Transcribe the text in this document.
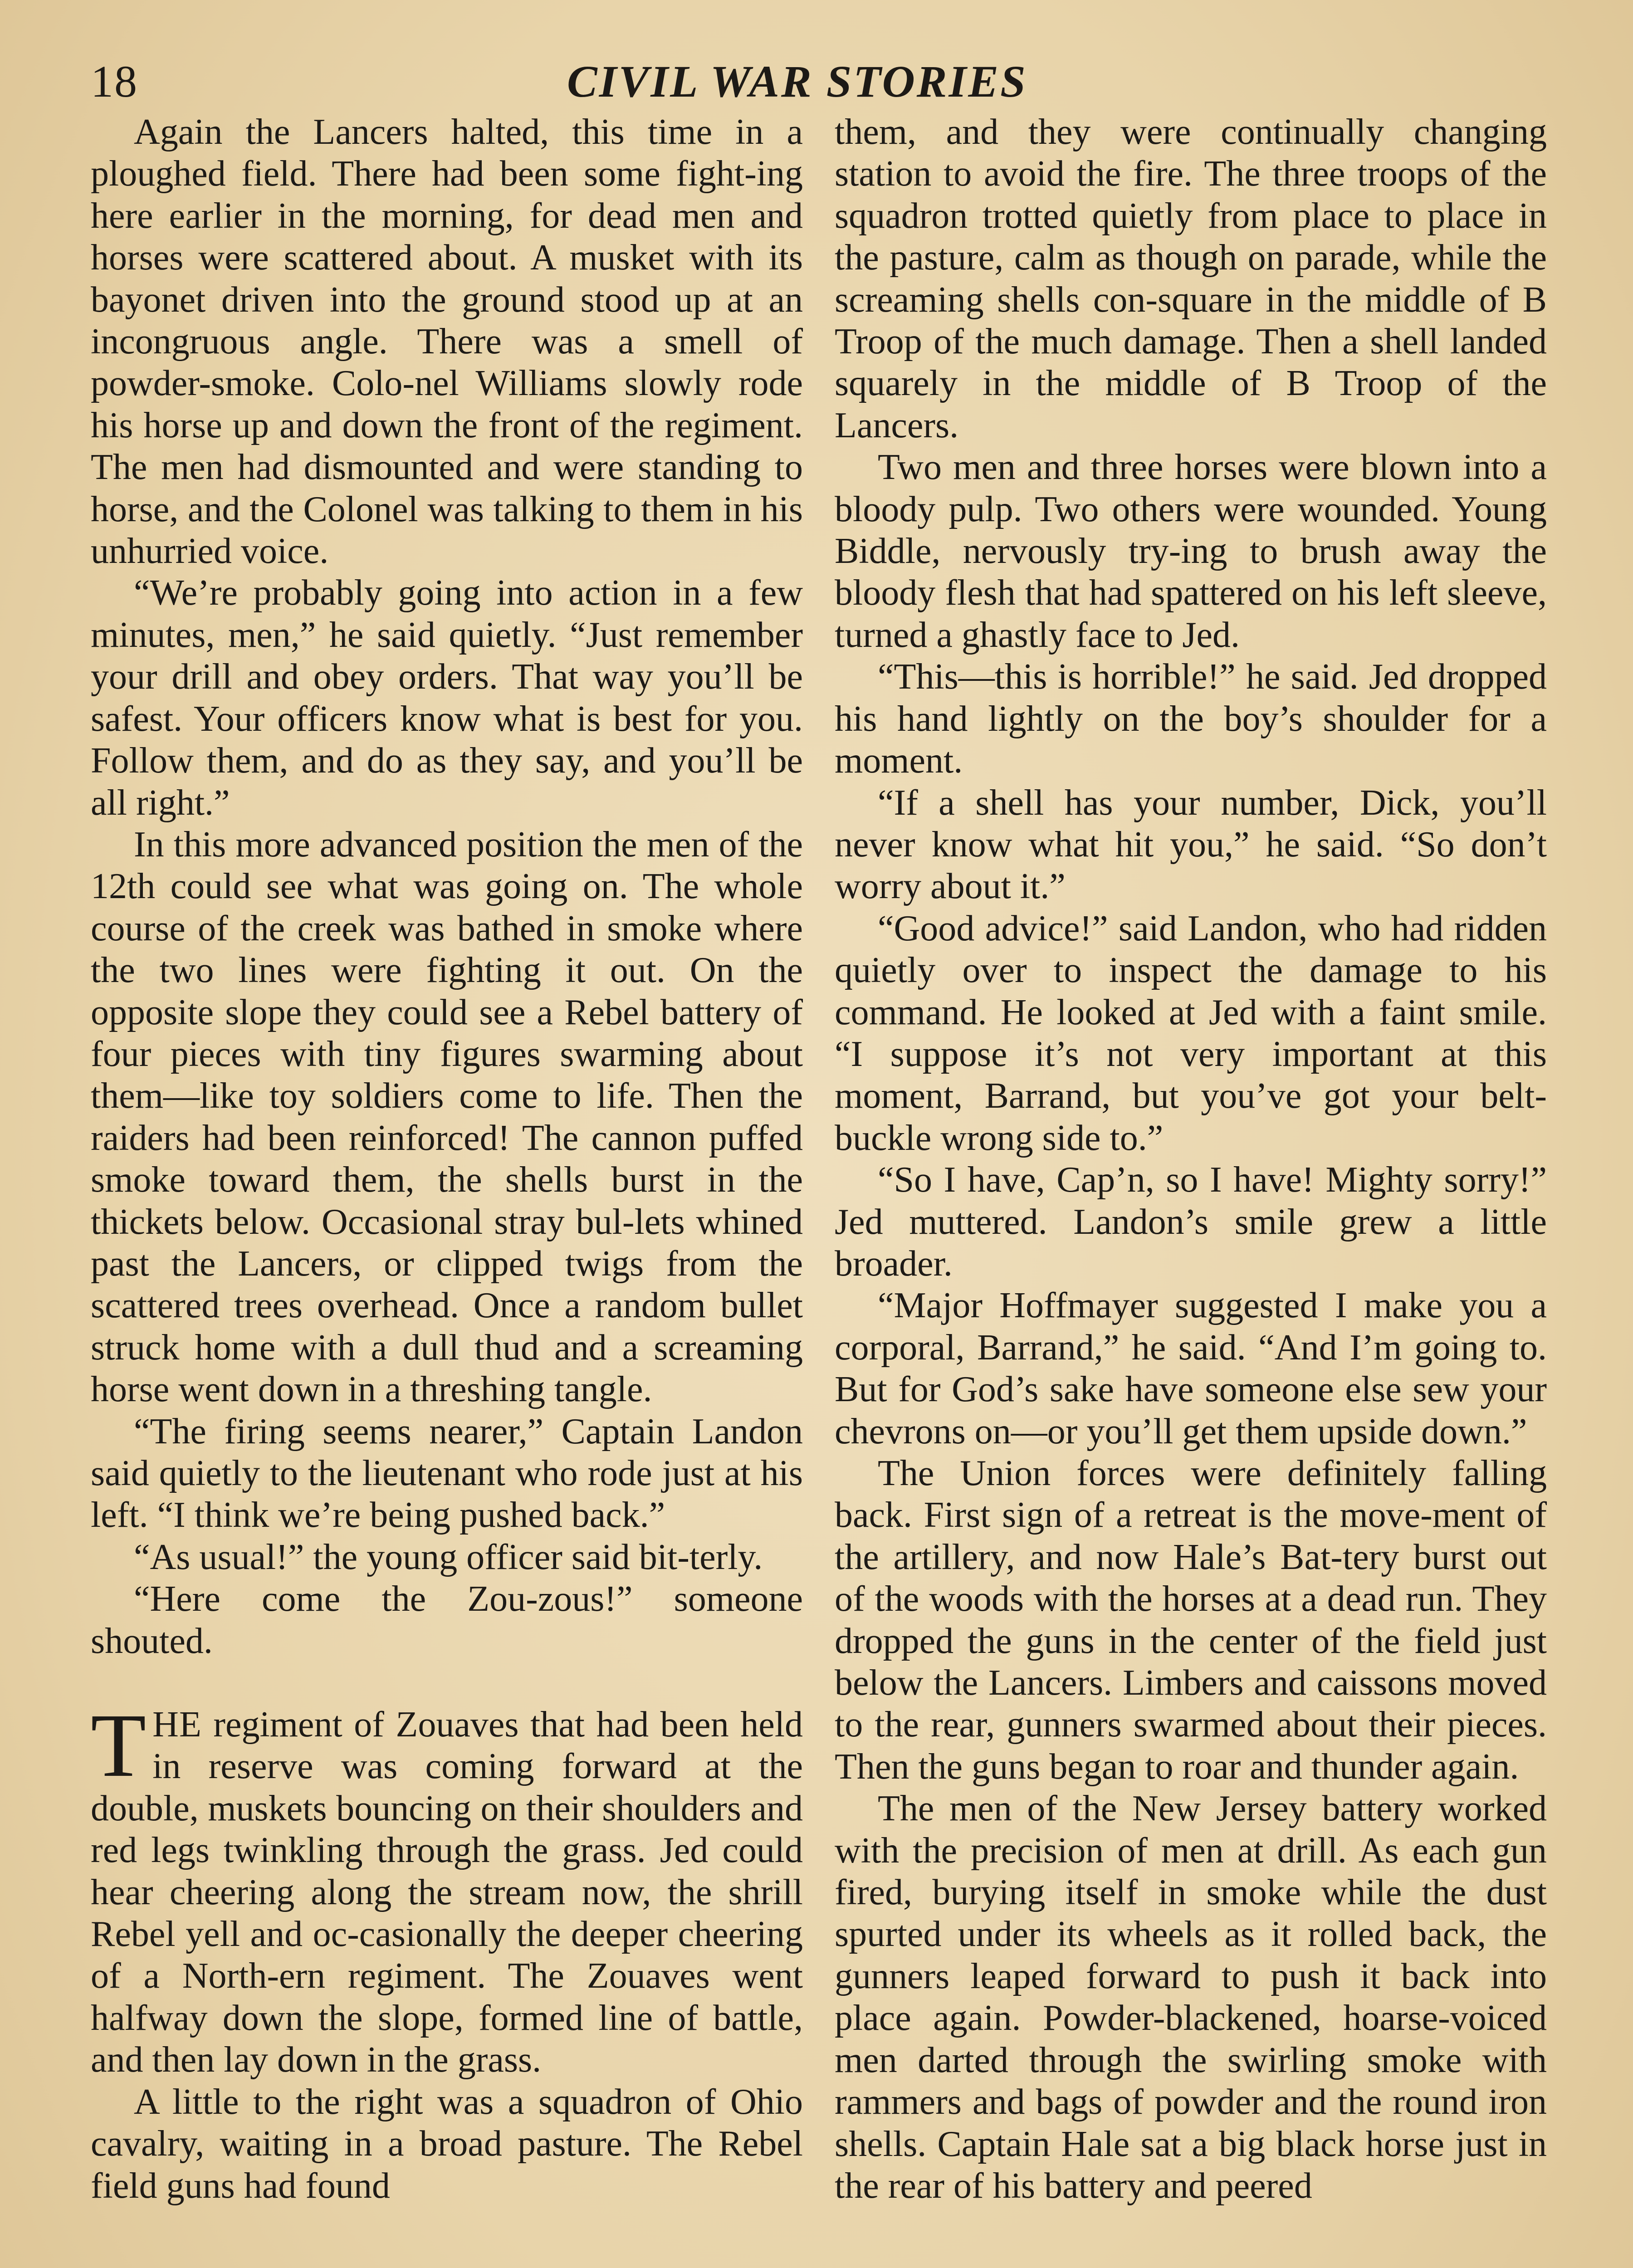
18	CIVIL WAR STORIES

Again the Lancers halted, this time in a ploughed field. There had been some fight-ing here earlier in the morning, for dead men and horses were scattered about. A musket with its bayonet driven into the ground stood up at an incongruous angle. There was a smell of powder-smoke. Colo-nel Williams slowly rode his horse up and down the front of the regiment. The men had dismounted and were standing to horse, and the Colonel was talking to them in his unhurried voice.

“We’re probably going into action in a few minutes, men,” he said quietly. “Just remember your drill and obey orders. That way you’ll be safest. Your officers know what is best for you. Follow them, and do as they say, and you’ll be all right.”

In this more advanced position the men of the 12th could see what was going on. The whole course of the creek was bathed in smoke where the two lines were fighting it out. On the opposite slope they could see a Rebel battery of four pieces with tiny figures swarming about them—like toy soldiers come to life. Then the raiders had been reinforced! The cannon puffed smoke toward them, the shells burst in the thickets below. Occasional stray bul-lets whined past the Lancers, or clipped twigs from the scattered trees overhead. Once a random bullet struck home with a dull thud and a screaming horse went down in a threshing tangle.

“The firing seems nearer,” Captain Landon said quietly to the lieutenant who rode just at his left. “I think we’re being pushed back.”

“As usual!” the young officer said bit-terly.

“Here come the Zou-zous!” someone shouted.

THE regiment of Zouaves that had been held in reserve was coming forward at the double, muskets bouncing on their shoulders and red legs twinkling through the grass. Jed could hear cheering along the stream now, the shrill Rebel yell and oc-casionally the deeper cheering of a North-ern regiment. The Zouaves went halfway down the slope, formed line of battle, and then lay down in the grass.

A little to the right was a squadron of Ohio cavalry, waiting in a broad pasture. The Rebel field guns had found

them, and they were continually changing station to avoid the fire. The three troops of the squadron trotted quietly from place to place in the pasture, calm as though on parade, while the screaming shells con-square in the middle of B Troop of the much damage. Then a shell landed squarely in the middle of B Troop of the Lancers.

Two men and three horses were blown into a bloody pulp. Two others were wounded. Young Biddle, nervously try-ing to brush away the bloody flesh that had spattered on his left sleeve, turned a ghastly face to Jed.

“This—this is horrible!” he said. Jed dropped his hand lightly on the boy’s shoulder for a moment.

“If a shell has your number, Dick, you’ll never know what hit you,” he said. “So don’t worry about it.”

“Good advice!” said Landon, who had ridden quietly over to inspect the damage to his command. He looked at Jed with a faint smile. “I suppose it’s not very important at this moment, Barrand, but you’ve got your belt-buckle wrong side to.”

“So I have, Cap’n, so I have! Mighty sorry!” Jed muttered. Landon’s smile grew a little broader.

“Major Hoffmayer suggested I make you a corporal, Barrand,” he said. “And I’m going to. But for God’s sake have someone else sew your chevrons on—or you’ll get them upside down.”

The Union forces were definitely falling back. First sign of a retreat is the move-ment of the artillery, and now Hale’s Bat-tery burst out of the woods with the horses at a dead run. They dropped the guns in the center of the field just below the Lancers. Limbers and caissons moved to the rear, gunners swarmed about their pieces. Then the guns began to roar and thunder again.

The men of the New Jersey battery worked with the precision of men at drill. As each gun fired, burying itself in smoke while the dust spurted under its wheels as it rolled back, the gunners leaped forward to push it back into place again. Powder-blackened, hoarse-voiced men darted through the swirling smoke with rammers and bags of powder and the round iron shells. Captain Hale sat a big black horse just in the rear of his battery and peered
